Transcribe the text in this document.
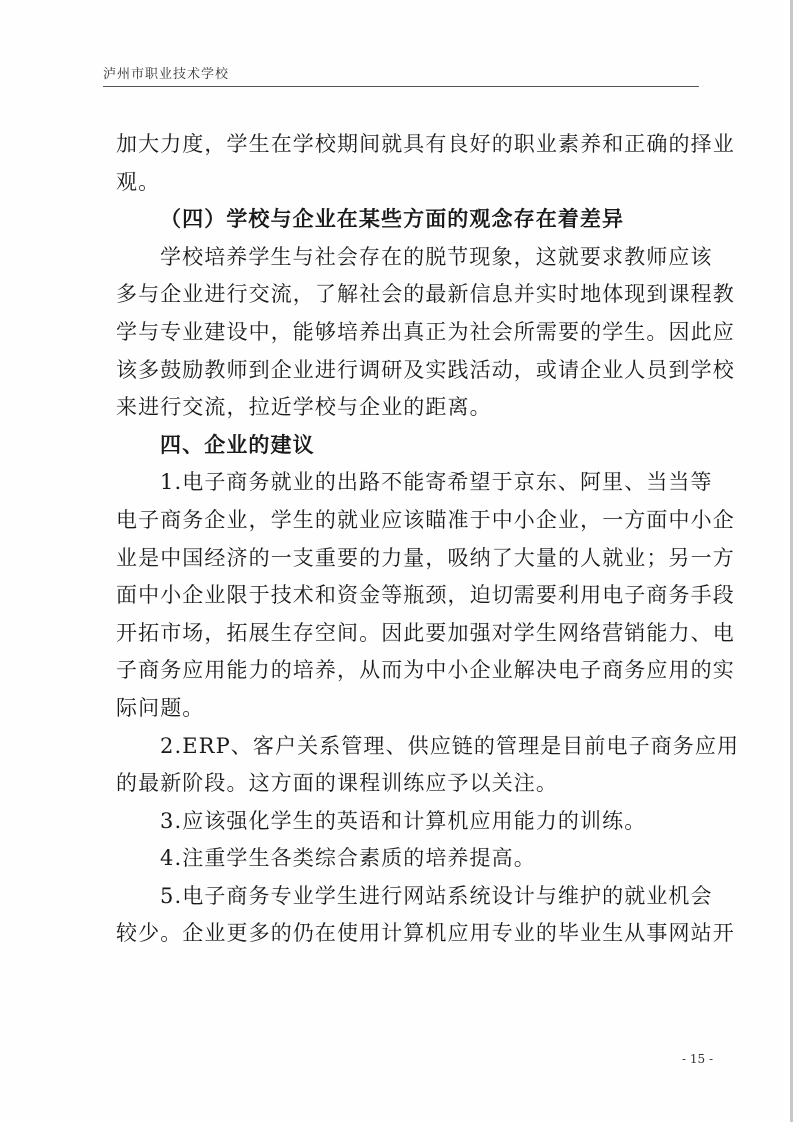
泸州市职业技术学校
加大力度，学生在学校期间就具有良好的职业素养和正确的择业
观。
（四）学校与企业在某些方面的观念存在着差异
学校培养学生与社会存在的脱节现象，这就要求教师应该
多与企业进行交流，了解社会的最新信息并实时地体现到课程教
学与专业建设中，能够培养出真正为社会所需要的学生。因此应
该多鼓励教师到企业进行调研及实践活动，或请企业人员到学校
来进行交流，拉近学校与企业的距离。
四、企业的建议
1.电子商务就业的出路不能寄希望于京东、阿里、当当等
电子商务企业，学生的就业应该瞄准于中小企业，一方面中小企
业是中国经济的一支重要的力量，吸纳了大量的人就业；另一方
面中小企业限于技术和资金等瓶颈，迫切需要利用电子商务手段
开拓市场，拓展生存空间。因此要加强对学生网络营销能力、电
子商务应用能力的培养，从而为中小企业解决电子商务应用的实
际问题。
2.ERP、客户关系管理、供应链的管理是目前电子商务应用
的最新阶段。这方面的课程训练应予以关注。
3.应该强化学生的英语和计算机应用能力的训练。
4.注重学生各类综合素质的培养提高。
5.电子商务专业学生进行网站系统设计与维护的就业机会
较少。企业更多的仍在使用计算机应用专业的毕业生从事网站开
- 15 -
